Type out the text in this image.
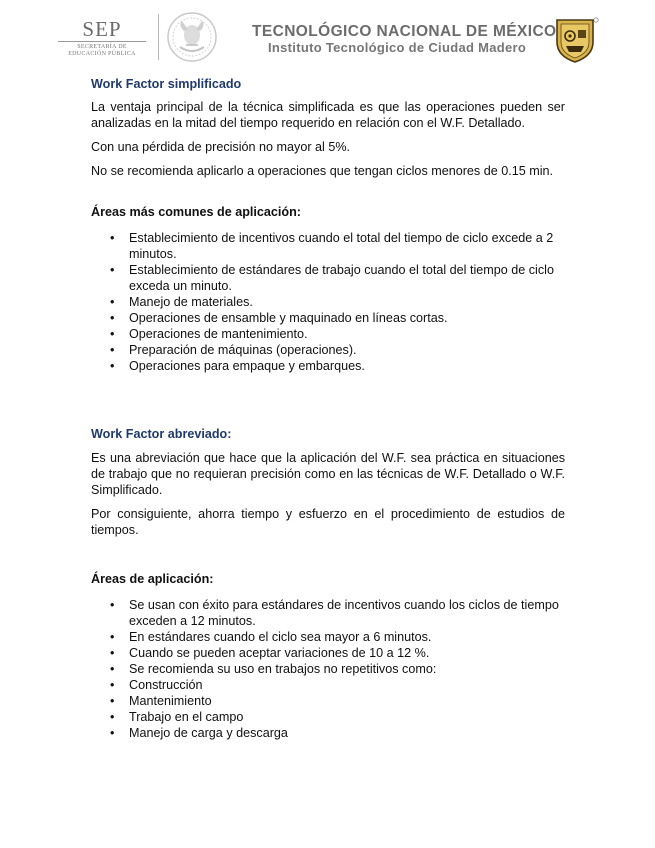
SEP
SECRETARÍA DE
EDUCACIÓN PÚBLICA
TECNOLÓGICO NACIONAL DE MÉXICO
Instituto Tecnológico de Ciudad Madero
Work Factor simplificado

La ventaja principal de la técnica simplificada es que las operaciones pueden ser analizadas en la mitad del tiempo requerido en relación con el W.F. Detallado.

Con una pérdida de precisión no mayor al 5%.

No se recomienda aplicarlo a operaciones que tengan ciclos menores de 0.15 min.

Áreas más comunes de aplicación:
• Establecimiento de incentivos cuando el total del tiempo de ciclo excede a 2 minutos.
• Establecimiento de estándares de trabajo cuando el total del tiempo de ciclo exceda un minuto.
• Manejo de materiales.
• Operaciones de ensamble y maquinado en líneas cortas.
• Operaciones de mantenimiento.
• Preparación de máquinas (operaciones).
• Operaciones para empaque y embarques.
Work Factor abreviado:

Es una abreviación que hace que la aplicación del W.F. sea práctica en situaciones de trabajo que no requieran precisión como en las técnicas de W.F. Detallado o W.F. Simplificado.

Por consiguiente, ahorra tiempo y esfuerzo en el procedimiento de estudios de tiempos.

Áreas de aplicación:
• Se usan con éxito para estándares de incentivos cuando los ciclos de tiempo exceden a 12 minutos.
• En estándares cuando el ciclo sea mayor a 6 minutos.
• Cuando se pueden aceptar variaciones de 10 a 12 %.
• Se recomienda su uso en trabajos no repetitivos como:
• Construcción
• Mantenimiento
• Trabajo en el campo
• Manejo de carga y descarga
